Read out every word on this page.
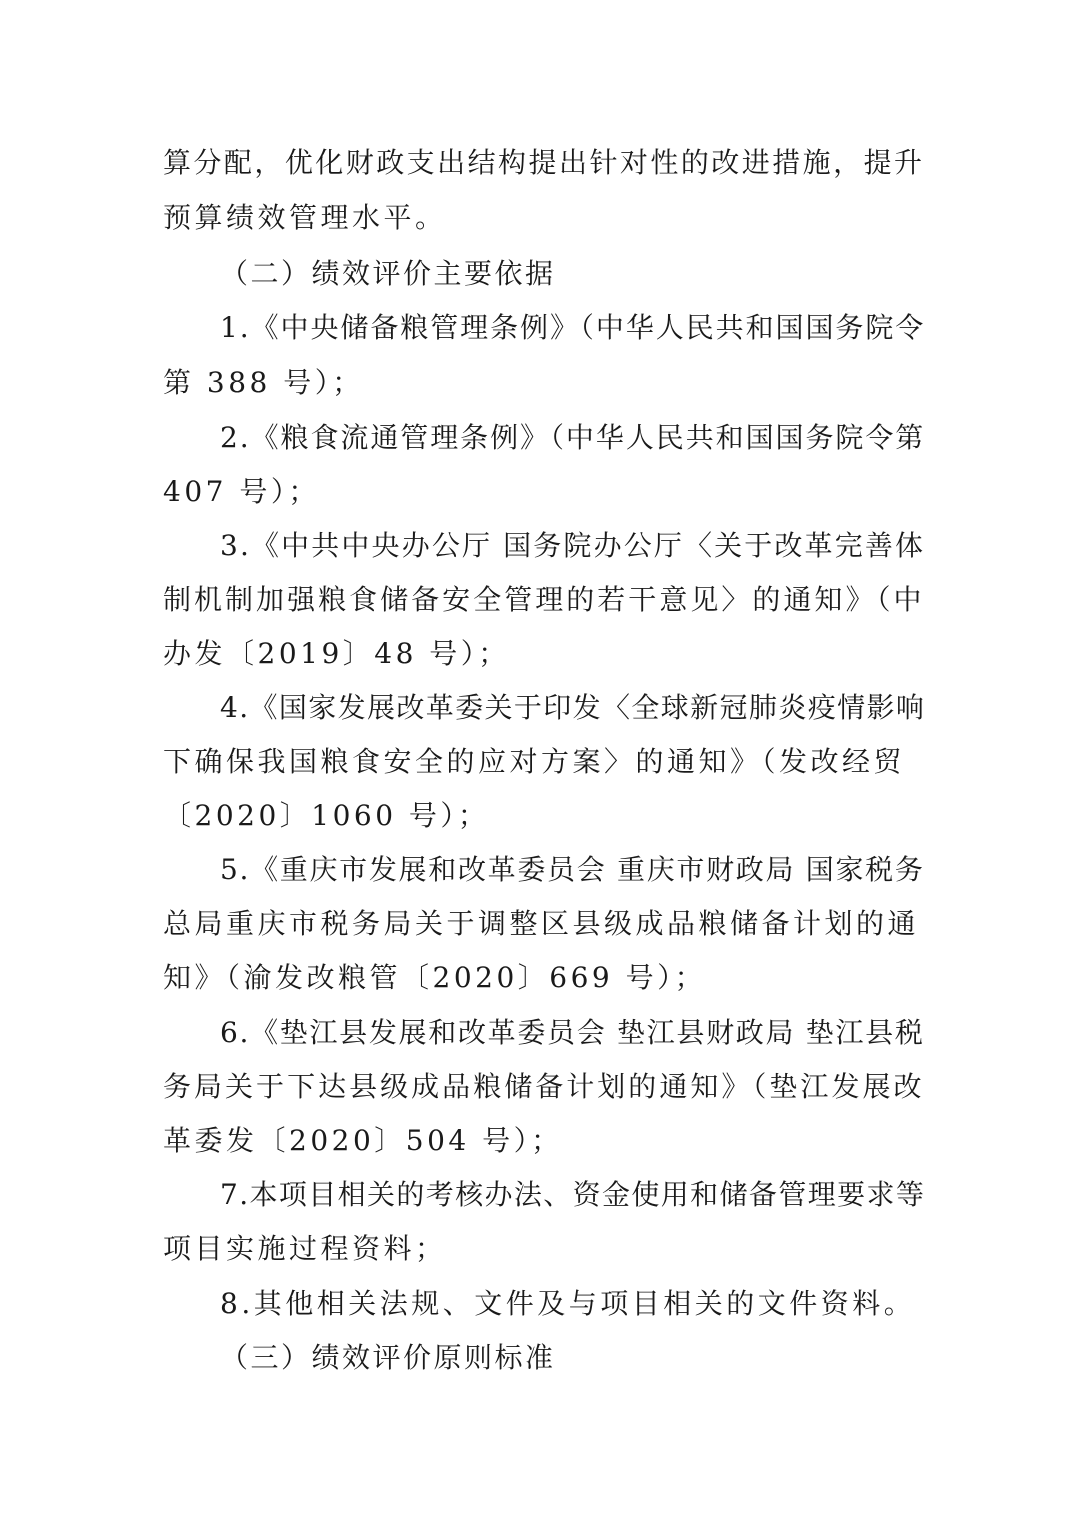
算分配，优化财政支出结构提出针对性的改进措施，提升
预算绩效管理水平。
（二）绩效评价主要依据
1.《中央储备粮管理条例》（中华人民共和国国务院令
第 388 号）；
2.《粮食流通管理条例》（中华人民共和国国务院令第
407 号）；
3.《中共中央办公厅 国务院办公厅〈关于改革完善体
制机制加强粮食储备安全管理的若干意见〉的通知》（中
办发〔2019〕48 号）；
4.《国家发展改革委关于印发〈全球新冠肺炎疫情影响
下确保我国粮食安全的应对方案〉的通知》（发改经贸
〔2020〕1060 号）；
5.《重庆市发展和改革委员会 重庆市财政局 国家税务
总局重庆市税务局关于调整区县级成品粮储备计划的通
知》（渝发改粮管〔2020〕669 号）；
6.《垫江县发展和改革委员会 垫江县财政局 垫江县税
务局关于下达县级成品粮储备计划的通知》（垫江发展改
革委发〔2020〕504 号）；
7.本项目相关的考核办法、资金使用和储备管理要求等
项目实施过程资料；
8.其他相关法规、文件及与项目相关的文件资料。
（三）绩效评价原则标准
